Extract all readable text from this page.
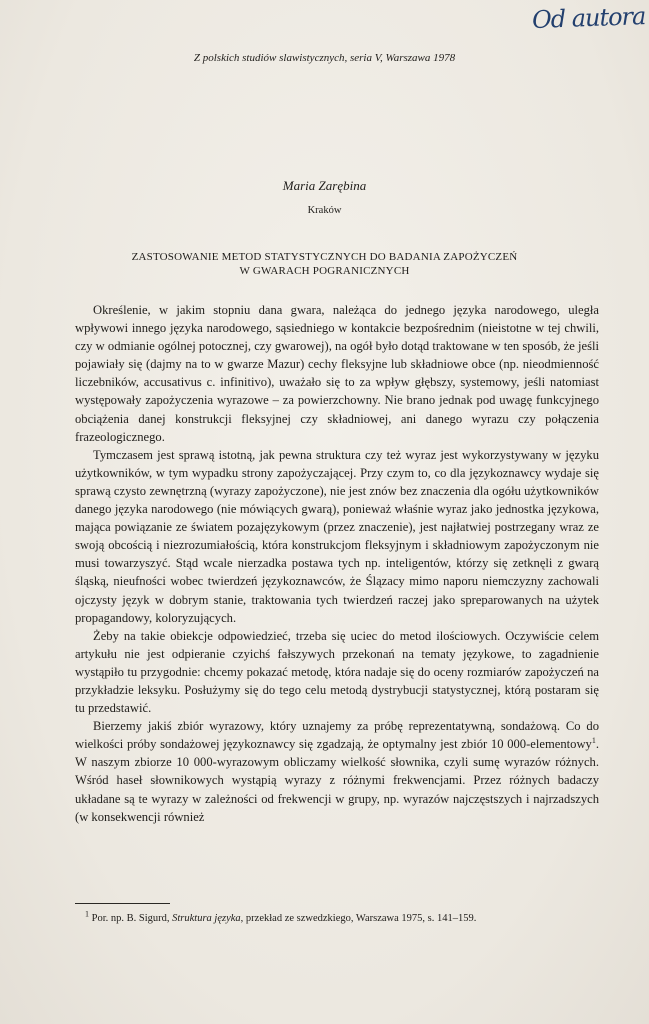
Od autora
Z polskich studiów slawistycznych, seria V, Warszawa 1978
Maria Zarębina
Kraków
ZASTOSOWANIE METOD STATYSTYCZNYCH DO BADANIA ZAPOŻYCZEŃ
W GWARACH POGRANICZNYCH

Określenie, w jakim stopniu dana gwara, należąca do jednego języka narodowego, uległa wpływowi innego języka narodowego, sąsiedniego w kontakcie bezpośrednim (nieistotne w tej chwili, czy w odmianie ogólnej potocznej, czy gwarowej), na ogół było dotąd traktowane w ten sposób, że jeśli pojawiały się (dajmy na to w gwarze Mazur) cechy fleksyjne lub składniowe obce (np. nieodmienność liczebników, accusativus c. infinitivo), uważało się to za wpływ głębszy, systemowy, jeśli natomiast występowały zapożyczenia wyrazowe – za powierzchowny. Nie brano jednak pod uwagę funkcyjnego obciążenia danej konstrukcji fleksyjnej czy składniowej, ani danego wyrazu czy połączenia frazeologicznego.

Tymczasem jest sprawą istotną, jak pewna struktura czy też wyraz jest wykorzystywany w języku użytkowników, w tym wypadku strony zapożyczającej. Przy czym to, co dla językoznawcy wydaje się sprawą czysto zewnętrzną (wyrazy zapożyczone), nie jest znów bez znaczenia dla ogółu użytkowników danego języka narodowego (nie mówiących gwarą), ponieważ właśnie wyraz jako jednostka językowa, mająca powiązanie ze światem pozajęzykowym (przez znaczenie), jest najłatwiej postrzegany wraz ze swoją obcością i niezrozumiałością, która konstrukcjom fleksyjnym i składniowym zapożyczonym nie musi towarzyszyć. Stąd wcale nierzadka postawa tych np. inteligentów, którzy się zetknęli z gwarą śląską, nieufności wobec twierdzeń językoznawców, że Ślązacy mimo naporu niemczyzny zachowali ojczysty język w dobrym stanie, traktowania tych twierdzeń raczej jako spreparowanych na użytek propagandowy, koloryzujących.

Żeby na takie obiekcje odpowiedzieć, trzeba się uciec do metod ilościowych. Oczywiście celem artykułu nie jest odpieranie czyichś fałszywych przekonań na tematy językowe, to zagadnienie wystąpiło tu przygodnie: chcemy pokazać metodę, która nadaje się do oceny rozmiarów zapożyczeń na przykładzie leksyku. Posłużymy się do tego celu metodą dystrybucji statystycznej, którą postaram się tu przedstawić.

Bierzemy jakiś zbiór wyrazowy, który uznajemy za próbę reprezentatywną, sondażową. Co do wielkości próby sondażowej językoznawcy się zgadzają, że optymalny jest zbiór 10 000-elementowy$^1$. W naszym zbiorze 10 000-wyrazowym obliczamy wielkość słownika, czyli sumę wyrazów różnych. Wśród haseł słownikowych wystąpią wyrazy z różnymi frekwencjami. Przez różnych badaczy układane są te wyrazy w zależności od frekwencji w grupy, np. wyrazów najczęstszych i najrzadszych (w konsekwencji również

$^1$ Por. np. B. Sigurd, Struktura języka, przekład ze szwedzkiego, Warszawa 1975, s. 141–159.
